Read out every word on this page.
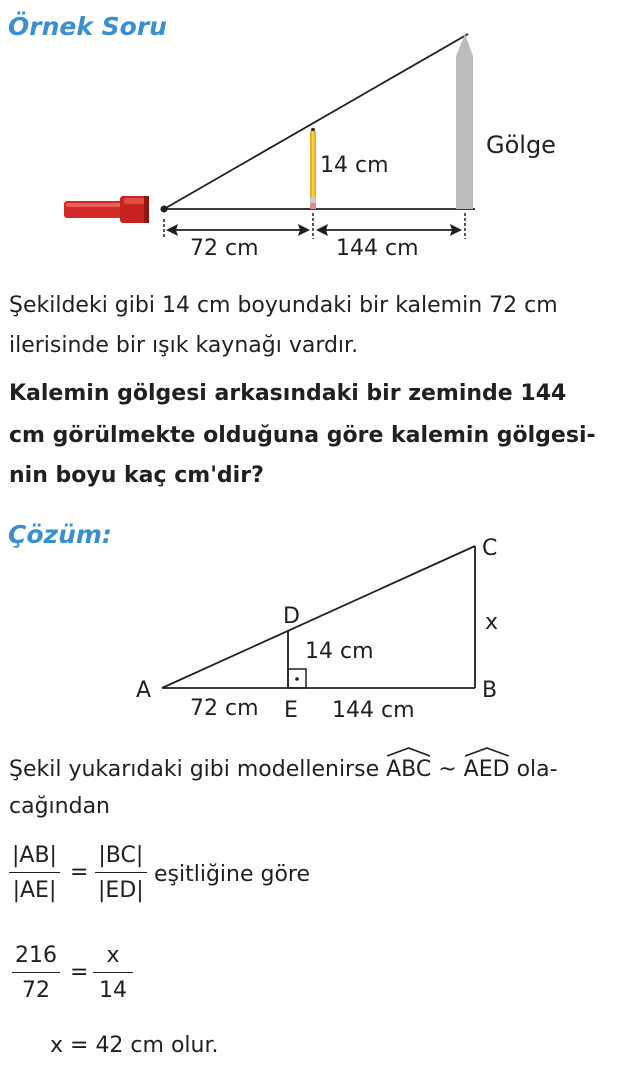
Örnek Soru
14 cm
Gölge
72 cm	144 cm
Şekildeki gibi 14 cm boyundaki bir kalemin 72 cm
ilerisinde bir ışık kaynağı vardır.
Kalemin gölgesi arkasındaki bir zeminde 144
cm görülmekte olduğuna göre kalemin gölgesi-
nin boyu kaç cm'dir?
Çözüm:	C
x
D
14 cm
A	B
72 cm E 144 cm
Şekil yukarıdaki gibi modellenirse ABC ~ AED ola-
cağından
|AB|
|AE|
=
|BC|
|ED|
eşitliğine göre
216
72
=
x
14
x = 42 cm olur.
